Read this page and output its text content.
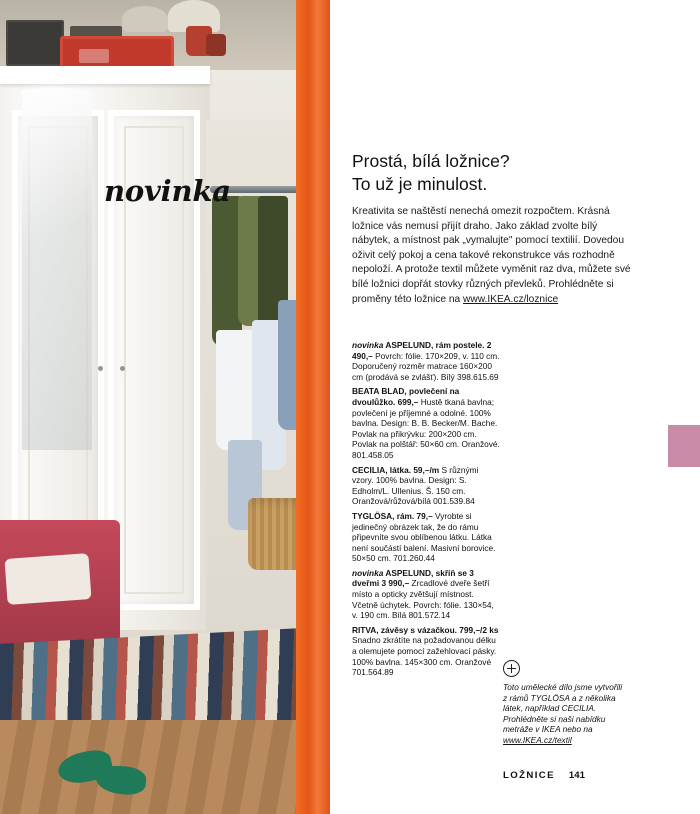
novinka
Prostá, bílá ložnice?
To už je minulost.
Kreativita se naštěstí nenechá omezit rozpočtem. Krásná ložnice vás nemusí přijít draho. Jako základ zvolte bílý nábytek, a místnost pak „vymalujte" pomocí textilií. Dovedou oživit celý pokoj a cena takové rekonstrukce vás rozhodně nepoloží. A protože textil můžete vyměnit raz dva, můžete své bílé ložnici dopřát stovky různých převleků. Prohlédněte si proměny této ložnice na www.IKEA.cz/loznice

novinka ASPELUND, rám postele. 2 490,– Povrch: fólie. 170×209, v. 110 cm. Doporučený rozměr matrace 160×200 cm (prodává se zvlášť). Bílý 398.615.69

BEATA BLAD, povlečení na dvoulůžko. 699,– Hustě tkaná bavlna; povlečení je příjemné a odolné. 100% bavlna. Design: B. B. Becker/M. Bache. Povlak na přikrývku: 200×200 cm. Povlak na polštář: 50×60 cm. Oranžové. 801.458.05

CECILIA, látka. 59,–/m S různými vzory. 100% bavlna. Design: S. Edholm/L. Ullenius. Š. 150 cm. Oranžová/růžová/bílá 001.539.84

TYGLÖSA, rám. 79,– Vyrobte si jedinečný obrázek tak, že do rámu připevníte svou oblíbenou látku. Látka není součástí balení. Masivní borovice. 50×50 cm. 701.260.44

novinka ASPELUND, skříň se 3 dveřmi 3 990,– Zrcadlové dveře šetří místo a opticky zvětšují místnost. Včetně úchytek. Povrch: fólie. 130×54, v. 190 cm. Bílá 801.572.14

RITVA, závěsy s vázačkou. 799,–/2 ks Snadno zkrátíte na požadovanou délku a olemujete pomocí zažehlovací pásky. 100% bavlna. 145×300 cm. Oranžové 701.564.89

Toto umělecké dílo jsme vytvořili z rámů TYGLÖSA a z několika látek, například CECILIA. Prohlédněte si naši nabídku metráže v IKEA nebo na www.IKEA.cz/textil
LOŽNICE 141
